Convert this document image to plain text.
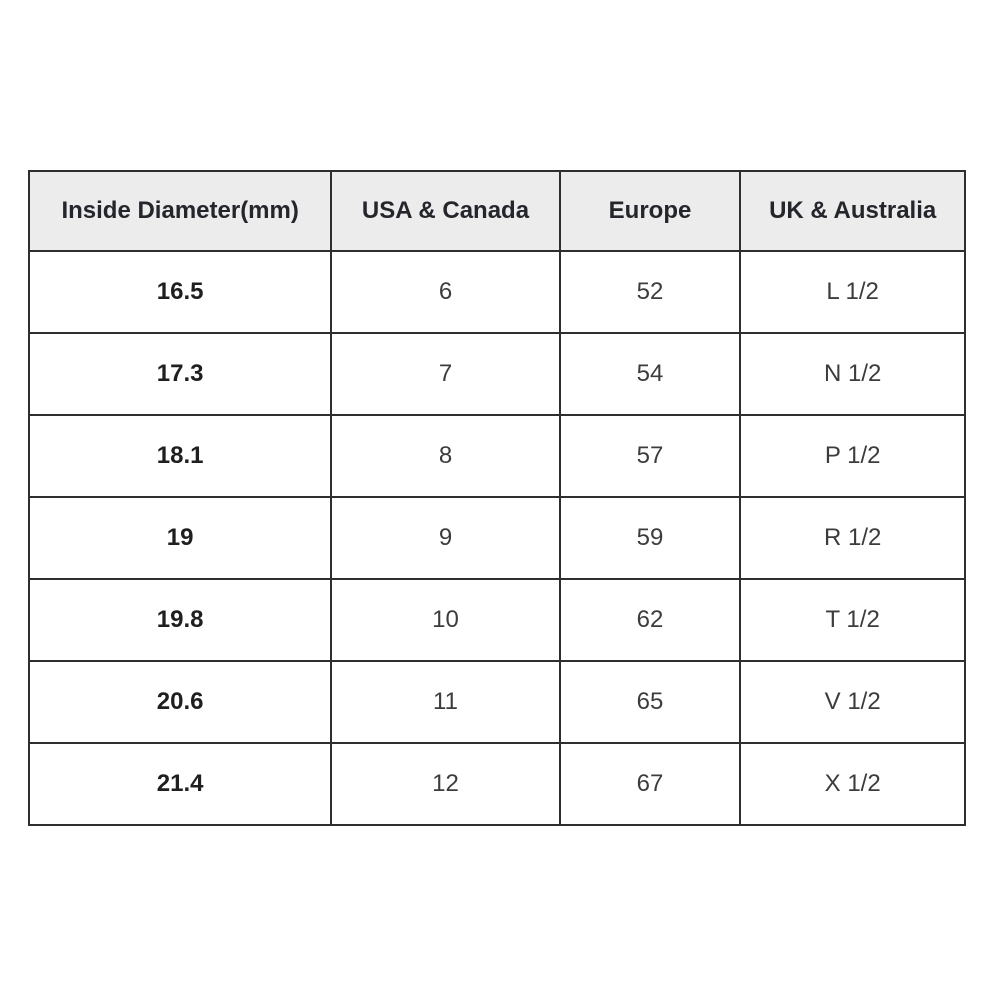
Inside Diameter(mm)	USA & Canada	Europe	UK & Australia
16.5	6	52	L 1/2
17.3	7	54	N 1/2
18.1	8	57	P 1/2
19	9	59	R 1/2
19.8	10	62	T 1/2
20.6	11	65	V 1/2
21.4	12	67	X 1/2
